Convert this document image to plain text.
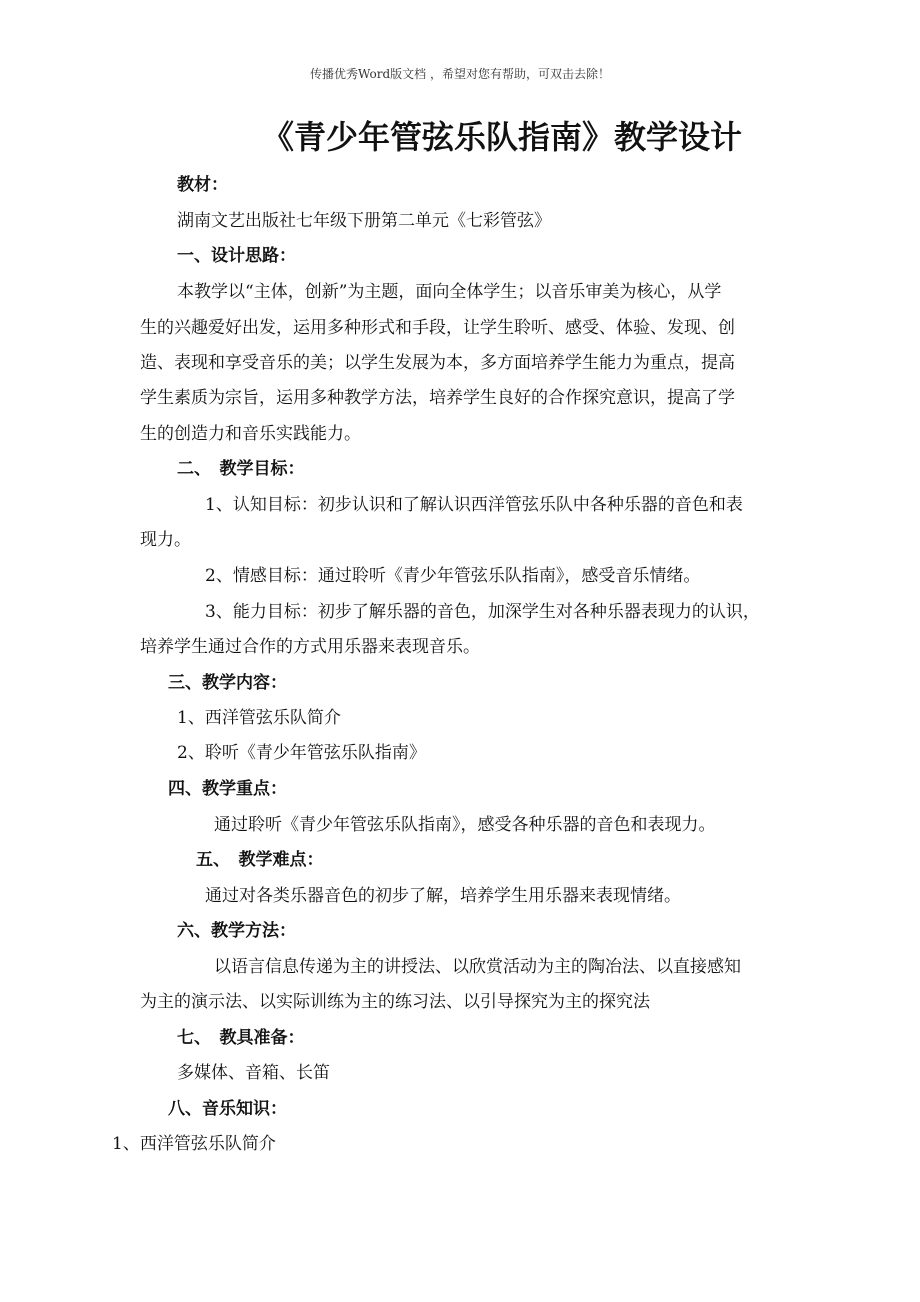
传播优秀Word版文档 ，希望对您有帮助，可双击去除！
《青少年管弦乐队指南》教学设计
教材：
湖南文艺出版社七年级下册第二单元《七彩管弦》
一、设计思路：
本教学以“主体，创新”为主题，面向全体学生；以音乐审美为核心，从学
生的兴趣爱好出发，运用多种形式和手段，让学生聆听、感受、体验、发现、创
造、表现和享受音乐的美；以学生发展为本，多方面培养学生能力为重点，提高
学生素质为宗旨，运用多种教学方法，培养学生良好的合作探究意识，提高了学
生的创造力和音乐实践能力。
二、　教学目标：
1、认知目标：初步认识和了解认识西洋管弦乐队中各种乐器的音色和表
现力。
2、情感目标：通过聆听《青少年管弦乐队指南》，感受音乐情绪。
3、能力目标：初步了解乐器的音色，加深学生对各种乐器表现力的认识，
培养学生通过合作的方式用乐器来表现音乐。
三、教学内容：
1、西洋管弦乐队简介
2、聆听《青少年管弦乐队指南》
四、教学重点：
通过聆听《青少年管弦乐队指南》，感受各种乐器的音色和表现力。
五、　教学难点：
通过对各类乐器音色的初步了解，培养学生用乐器来表现情绪。
六、教学方法：
以语言信息传递为主的讲授法、以欣赏活动为主的陶冶法、以直接感知
为主的演示法、以实际训练为主的练习法、以引导探究为主的探究法
七、　教具准备：
多媒体、音箱、长笛
八、音乐知识：
1、西洋管弦乐队简介
